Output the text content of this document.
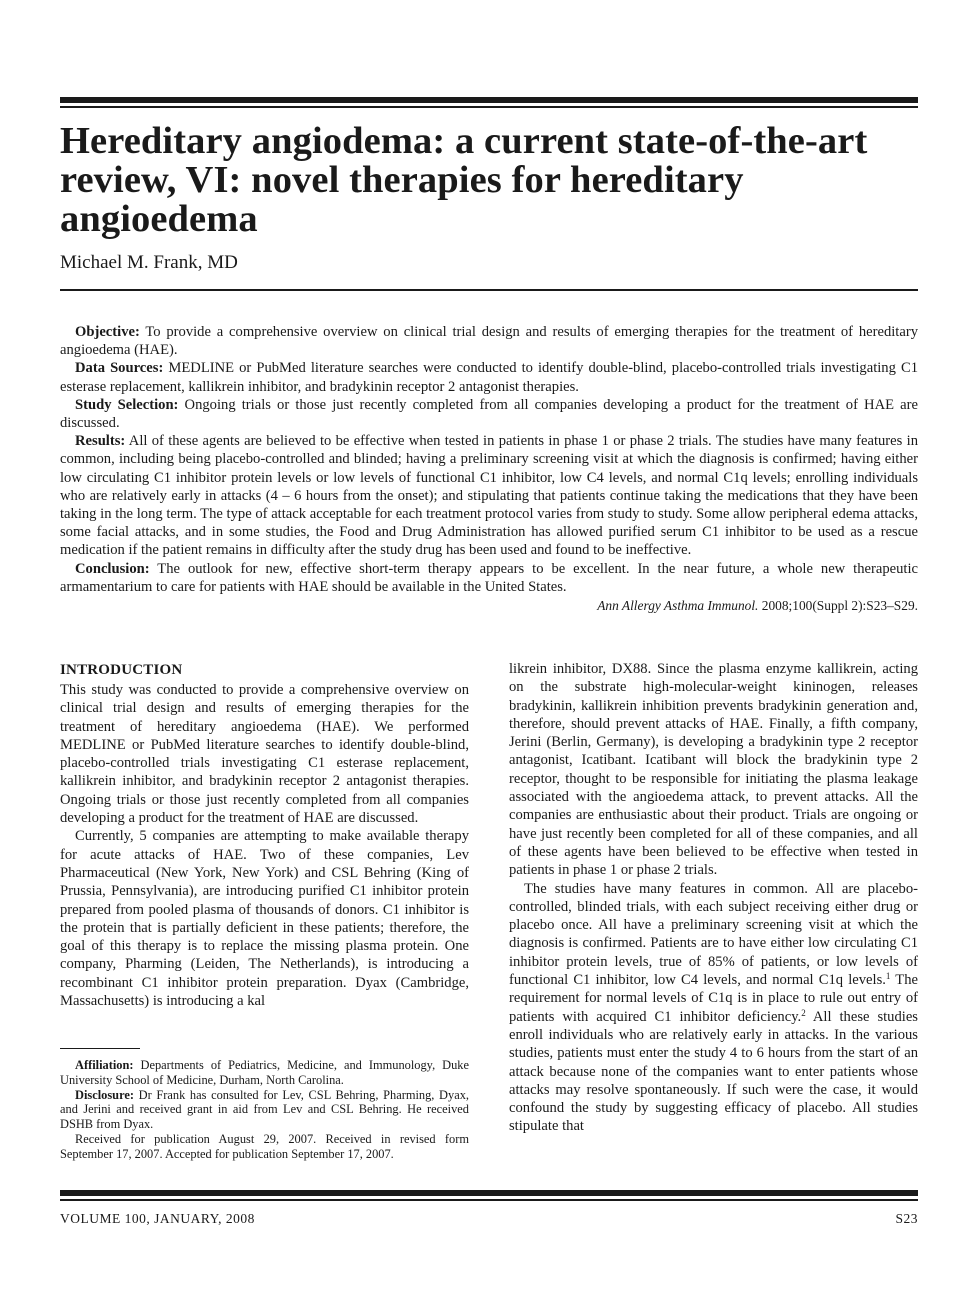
Hereditary angiodema: a current state-of-the-art review, VI: novel therapies for hereditary angioedema

Michael M. Frank, MD

Objective: To provide a comprehensive overview on clinical trial design and results of emerging therapies for the treatment of hereditary angioedema (HAE).

Data Sources: MEDLINE or PubMed literature searches were conducted to identify double-blind, placebo-controlled trials investigating C1 esterase replacement, kallikrein inhibitor, and bradykinin receptor 2 antagonist therapies.

Study Selection: Ongoing trials or those just recently completed from all companies developing a product for the treatment of HAE are discussed.

Results: All of these agents are believed to be effective when tested in patients in phase 1 or phase 2 trials. The studies have many features in common, including being placebo-controlled and blinded; having a preliminary screening visit at which the diagnosis is confirmed; having either low circulating C1 inhibitor protein levels or low levels of functional C1 inhibitor, low C4 levels, and normal C1q levels; enrolling individuals who are relatively early in attacks (4 – 6 hours from the onset); and stipulating that patients continue taking the medications that they have been taking in the long term. The type of attack acceptable for each treatment protocol varies from study to study. Some allow peripheral edema attacks, some facial attacks, and in some studies, the Food and Drug Administration has allowed purified serum C1 inhibitor to be used as a rescue medication if the patient remains in difficulty after the study drug has been used and found to be ineffective.

Conclusion: The outlook for new, effective short-term therapy appears to be excellent. In the near future, a whole new therapeutic armamentarium to care for patients with HAE should be available in the United States.

Ann Allergy Asthma Immunol. 2008;100(Suppl 2):S23–S29.

INTRODUCTION

This study was conducted to provide a comprehensive overview on clinical trial design and results of emerging therapies for the treatment of hereditary angioedema (HAE). We performed MEDLINE or PubMed literature searches to identify double-blind, placebo-controlled trials investigating C1 esterase replacement, kallikrein inhibitor, and bradykinin receptor 2 antagonist therapies. Ongoing trials or those just recently completed from all companies developing a product for the treatment of HAE are discussed.

Currently, 5 companies are attempting to make available therapy for acute attacks of HAE. Two of these companies, Lev Pharmaceutical (New York, New York) and CSL Behring (King of Prussia, Pennsylvania), are introducing purified C1 inhibitor protein prepared from pooled plasma of thousands of donors. C1 inhibitor is the protein that is partially deficient in these patients; therefore, the goal of this therapy is to replace the missing plasma protein. One company, Pharming (Leiden, The Netherlands), is introducing a recombinant C1 inhibitor protein preparation. Dyax (Cambridge, Massachusetts) is introducing a kal

Affiliation: Departments of Pediatrics, Medicine, and Immunology, Duke University School of Medicine, Durham, North Carolina.

Disclosure: Dr Frank has consulted for Lev, CSL Behring, Pharming, Dyax, and Jerini and received grant in aid from Lev and CSL Behring. He received DSHB from Dyax.

Received for publication August 29, 2007. Received in revised form September 17, 2007. Accepted for publication September 17, 2007.

likrein inhibitor, DX88. Since the plasma enzyme kallikrein, acting on the substrate high-molecular-weight kininogen, releases bradykinin, kallikrein inhibition prevents bradykinin generation and, therefore, should prevent attacks of HAE. Finally, a fifth company, Jerini (Berlin, Germany), is developing a bradykinin type 2 receptor antagonist, Icatibant. Icatibant will block the bradykinin type 2 receptor, thought to be responsible for initiating the plasma leakage associated with the angioedema attack, to prevent attacks. All the companies are enthusiastic about their product. Trials are ongoing or have just recently been completed for all of these companies, and all of these agents have been believed to be effective when tested in patients in phase 1 or phase 2 trials.

The studies have many features in common. All are placebo-controlled, blinded trials, with each subject receiving either drug or placebo once. All have a preliminary screening visit at which the diagnosis is confirmed. Patients are to have either low circulating C1 inhibitor protein levels, true of 85% of patients, or low levels of functional C1 inhibitor, low C4 levels, and normal C1q levels.$^1$ The requirement for normal levels of C1q is in place to rule out entry of patients with acquired C1 inhibitor deficiency.$^2$ All these studies enroll individuals who are relatively early in attacks. In the various studies, patients must enter the study 4 to 6 hours from the start of an attack because none of the companies want to enter patients whose attacks may resolve spontaneously. If such were the case, it would confound the study by suggesting efficacy of placebo. All studies stipulate that

VOLUME 100, JANUARY, 2008	S23
